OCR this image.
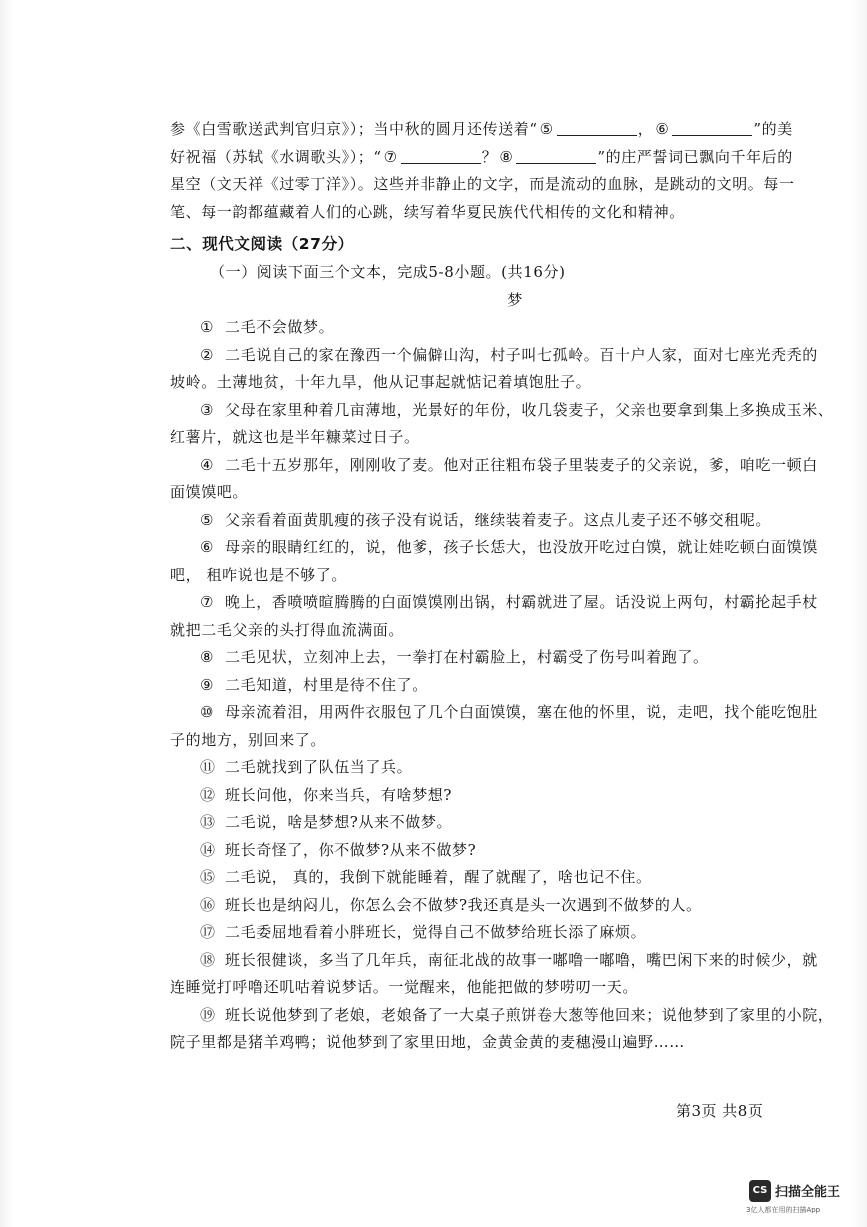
参《白雪歌送武判官归京》）；当中秋的圆月还传送着“ ⑤	， ⑥	”的美

好祝福（苏轼《水调歌头》）；“ ⑦	？ ⑧	”的庄严誓词已飘向千年后的

星空（文天祥《过零丁洋》）。这些并非静止的文字，而是流动的血脉，是跳动的文明。每一

笔、每一韵都蕴藏着人们的心跳，续写着华夏民族代代相传的文化和精神。

二、现代文阅读（27分）

（一）阅读下面三个文本，完成5-8小题。(共16分)

梦

① 二毛不会做梦。

② 二毛说自己的家在豫西一个偏僻山沟，村子叫七孤岭。百十户人家，面对七座光秃秃的
坡岭。土薄地贫，十年九旱，他从记事起就惦记着填饱肚子。

③ 父母在家里种着几亩薄地，光景好的年份，收几袋麦子，父亲也要拿到集上多换成玉米、
红薯片，就这也是半年糠菜过日子。

④ 二毛十五岁那年，刚刚收了麦。他对正往粗布袋子里装麦子的父亲说，爹，咱吃一顿白
面馍馍吧。

⑤ 父亲看着面黄肌瘦的孩子没有说话，继续装着麦子。这点儿麦子还不够交租呢。

⑥ 母亲的眼睛红红的，说，他爹，孩子长恁大，也没放开吃过白馍，就让娃吃顿白面馍馍
吧， 租咋说也是不够了。

⑦ 晚上，香喷喷暄腾腾的白面馍馍刚出锅，村霸就进了屋。话没说上两句，村霸抡起手杖
就把二毛父亲的头打得血流满面。

⑧ 二毛见状，立刻冲上去，一拳打在村霸脸上，村霸受了伤号叫着跑了。

⑨ 二毛知道，村里是待不住了。

⑩ 母亲流着泪，用两件衣服包了几个白面馍馍，塞在他的怀里，说，走吧，找个能吃饱肚
子的地方，别回来了。

⑪ 二毛就找到了队伍当了兵。

⑫ 班长问他，你来当兵，有啥梦想?

⑬ 二毛说，啥是梦想?从来不做梦。

⑭ 班长奇怪了，你不做梦?从来不做梦?

⑮ 二毛说， 真的，我倒下就能睡着，醒了就醒了，啥也记不住。

⑯ 班长也是纳闷儿，你怎么会不做梦?我还真是头一次遇到不做梦的人。

⑰ 二毛委屈地看着小胖班长，觉得自己不做梦给班长添了麻烦。

⑱ 班长很健谈，多当了几年兵，南征北战的故事一嘟噜一嘟噜，嘴巴闲下来的时候少，就
连睡觉打呼噜还叽咕着说梦话。一觉醒来，他能把做的梦唠叨一天。

⑲ 班长说他梦到了老娘，老娘备了一大桌子煎饼卷大葱等他回来；说他梦到了家里的小院，
院子里都是猪羊鸡鸭；说他梦到了家里田地，金黄金黄的麦穗漫山遍野……

第3页 共8页
CS 扫描全能王
3亿人都在用的扫描App
